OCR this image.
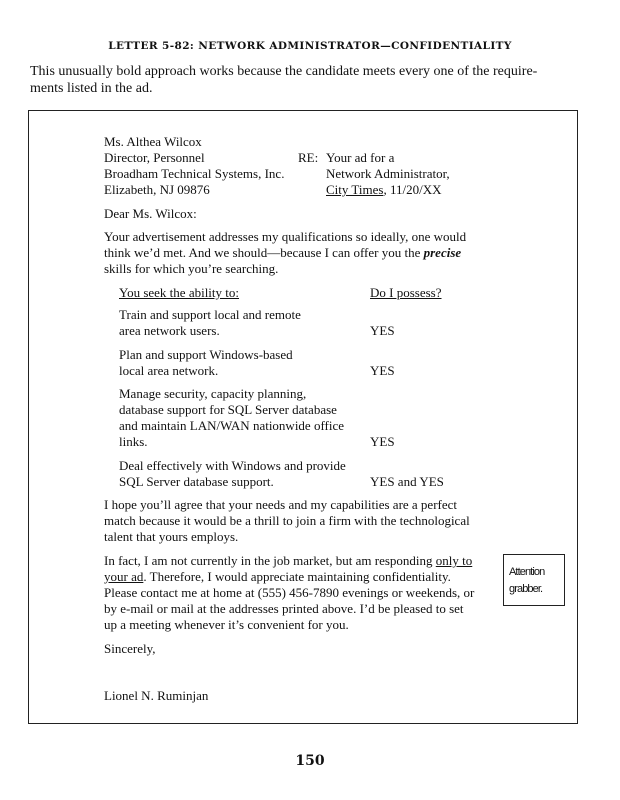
LETTER 5-82: NETWORK ADMINISTRATOR—CONFIDENTIALITY
This unusually bold approach works because the candidate meets every one of the require-
ments listed in the ad.
Ms. Althea Wilcox
Director, Personnel
Broadham Technical Systems, Inc.
Elizabeth, NJ 09876
RE: Your ad for a
Network Administrator,
City Times, 11/20/XX
Dear Ms. Wilcox:
Your advertisement addresses my qualifications so ideally, one would
think we’d met. And we should—because I can offer you the precise
skills for which you’re searching.
You seek the ability to:	Do I possess?
Train and support local and remote
area network users.	YES
Plan and support Windows-based
local area network.	YES
Manage security, capacity planning,
database support for SQL Server database
and maintain LAN/WAN nationwide office
links.	YES
Deal effectively with Windows and provide
SQL Server database support.	YES and YES
I hope you’ll agree that your needs and my capabilities are a perfect
match because it would be a thrill to join a firm with the technological
talent that yours employs.
In fact, I am not currently in the job market, but am responding only to
your ad. Therefore, I would appreciate maintaining confidentiality.
Please contact me at home at (555) 456-7890 evenings or weekends, or
by e-mail or mail at the addresses printed above. I’d be pleased to set
up a meeting whenever it’s convenient for you.
Sincerely,
Lionel N. Ruminjan
Attention
grabber.
150
